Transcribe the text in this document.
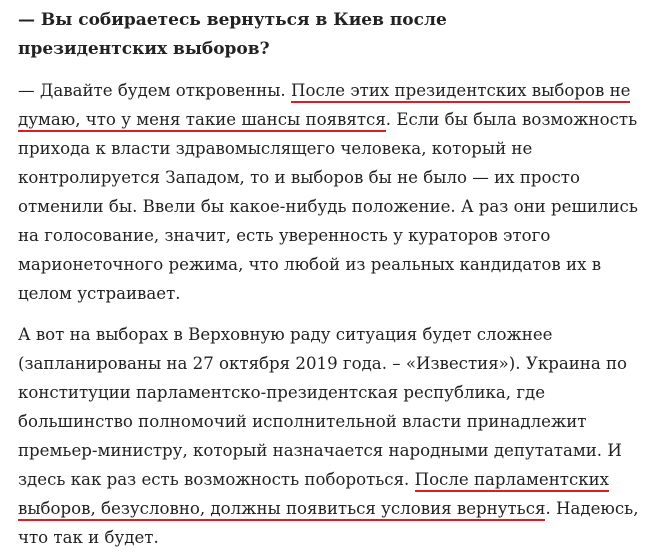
— Вы собираетесь вернуться в Киев после президентских выборов?

— Давайте будем откровенны. После этих президентских выборов не думаю, что у меня такие шансы появятся. Если бы была возможность прихода к власти здравомыслящего человека, который не контролируется Западом, то и выборов бы не было — их просто отменили бы. Ввели бы какое-нибудь положение. А раз они решились на голосование, значит, есть уверенность у кураторов этого марионеточного режима, что любой из реальных кандидатов их в целом устраивает.

А вот на выборах в Верховную раду ситуация будет сложнее (запланированы на 27 октября 2019 года. – «Известия»). Украина по конституции парламентско-президентская республика, где большинство полномочий исполнительной власти принадлежит премьер-министру, который назначается народными депутатами. И здесь как раз есть возможность побороться. После парламентских выборов, безусловно, должны появиться условия вернуться. Надеюсь, что так и будет.
